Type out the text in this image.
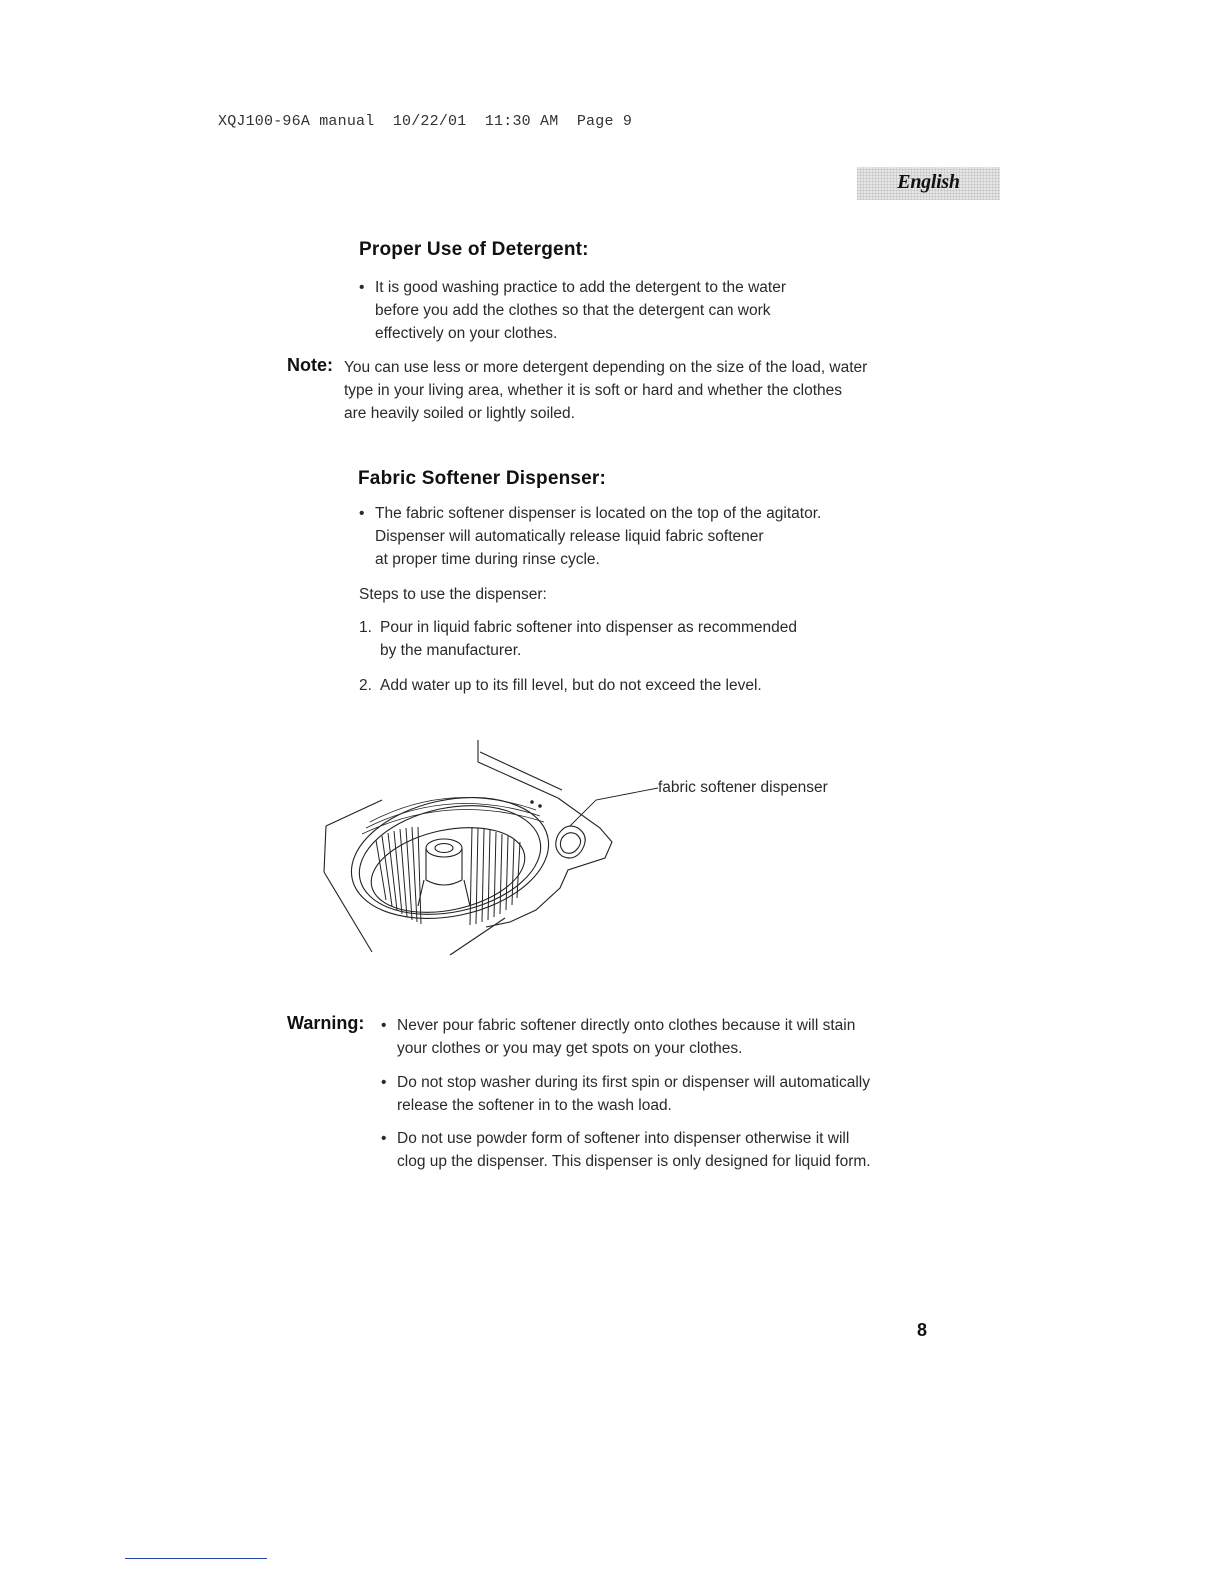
XQJ100-96A manual  10/22/01  11:30 AM  Page 9
English
Proper Use of Detergent:
• It is good washing practice to add the detergent to the water
before you add the clothes so that the detergent can work
effectively on your clothes.
Note: You can use less or more detergent depending on the size of the load, water
type in your living area, whether it is soft or hard and whether the clothes
are heavily soiled or lightly soiled.
Fabric Softener Dispenser:
• The fabric softener dispenser is located on the top of the agitator.
Dispenser will automatically release liquid fabric softener
at proper time during rinse cycle.
Steps to use the dispenser:
1. Pour in liquid fabric softener into dispenser as recommended
by the manufacturer.
2. Add water up to its fill level, but do not exceed the level.
fabric softener dispenser
Warning: • Never pour fabric softener directly onto clothes because it will stain
your clothes or you may get spots on your clothes.
• Do not stop washer during its first spin or dispenser will automatically
release the softener in to the wash load.
• Do not use powder form of softener into dispenser otherwise it will
clog up the dispenser. This dispenser is only designed for liquid form.
8
